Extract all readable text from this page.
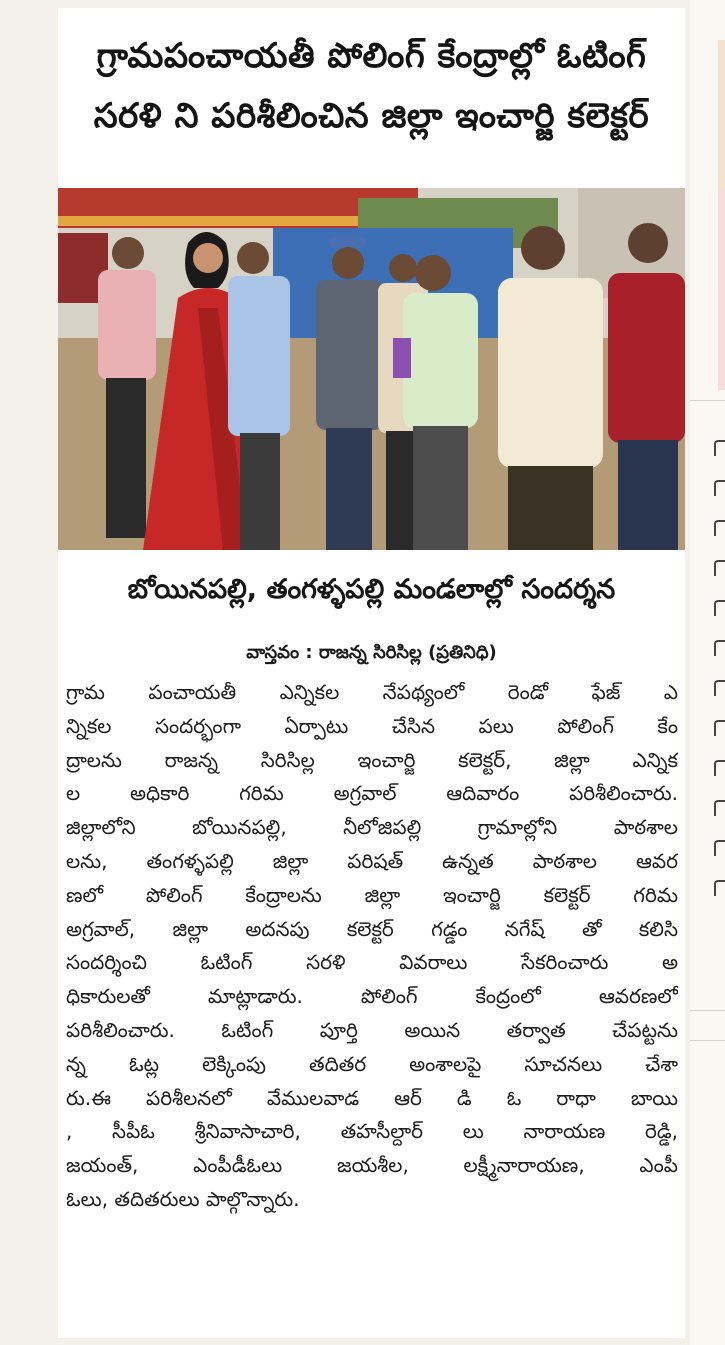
గ్రామపంచాయతీ పోలింగ్ కేంద్రాల్లో ఓటింగ్
సరళి ని పరిశీలించిన జిల్లా ఇంచార్జి కలెక్టర్
బోయినపల్లి, తంగళ్ళపల్లి మండలాల్లో సందర్శన
వాస్తవం : రాజన్న సిరిసిల్ల (ప్రతినిధి)
గ్రామ పంచాయతీ ఎన్నికల నేపథ్యంలో రెండో ఫేజ్ ఎ
న్నికల సందర్భంగా ఏర్పాటు చేసిన పలు పోలింగ్ కేం
ద్రాలను రాజన్న సిరిసిల్ల ఇంచార్జి కలెక్టర్, జిల్లా ఎన్నిక
ల అధికారి గరిమ అగ్రవాల్ ఆదివారం పరిశీలించారు.
జిల్లాలోని బోయినపల్లి, నీలోజిపల్లి గ్రామాల్లోని పాఠశాల
లను, తంగళ్ళపల్లి జిల్లా పరిషత్ ఉన్నత పాఠశాల ఆవర
ణలో పోలింగ్ కేంద్రాలను జిల్లా ఇంచార్జి కలెక్టర్ గరిమ
అగ్రవాల్, జిల్లా అదనపు కలెక్టర్ గడ్డం నగేష్ తో కలిసి
సందర్శించి ఓటింగ్ సరళి వివరాలు సేకరించారు అ
ధికారులతో మాట్లాడారు. పోలింగ్ కేంద్రంలో ఆవరణలో
పరిశీలించారు. ఓటింగ్ పూర్తి అయిన తర్వాత చేపట్టను
న్న ఓట్ల లెక్కింపు తదితర అంశాలపై సూచనలు చేశా
రు.ఈ పరిశీలనలో వేములవాడ ఆర్ డి ఓ రాధా బాయి
, సీపీఓ శ్రీనివాసాచారి, తహసీల్దార్ లు నారాయణ రెడ్డి,
జయంత్, ఎంపీడీఓలు జయశీల, లక్ష్మీనారాయణ, ఎంపీ
ఓలు, తదితరులు పాల్గొన్నారు.
